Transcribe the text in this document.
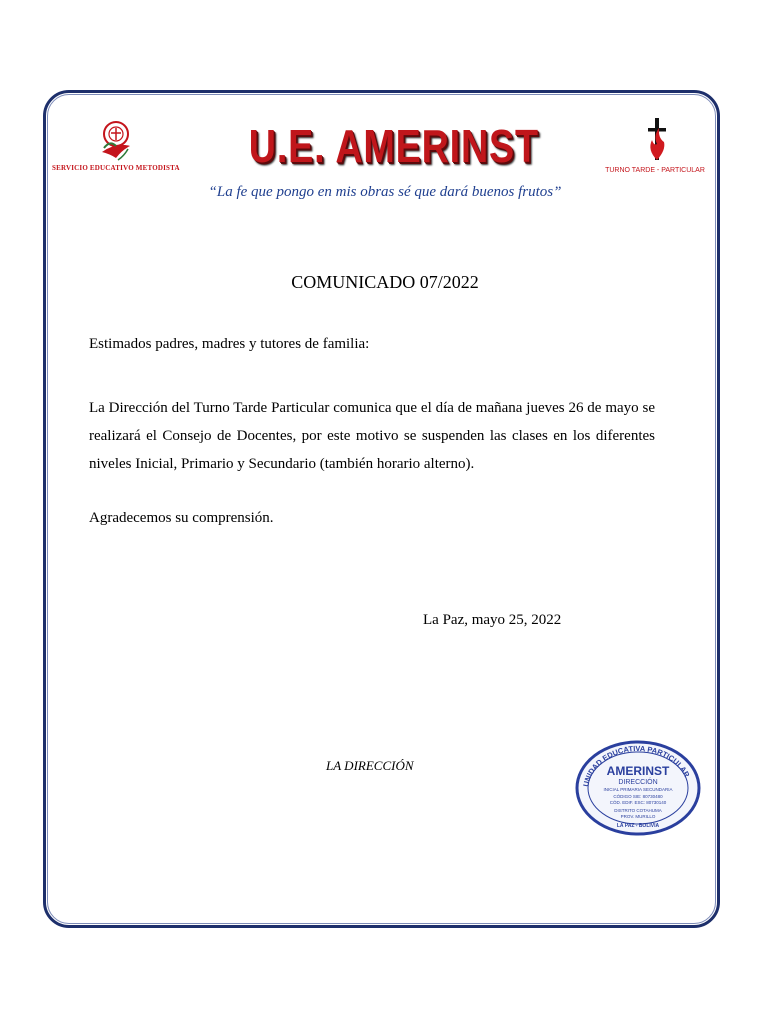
SERVICIO EDUCATIVO METODISTA U.E. AMERINST
“La fe que pongo en mis obras sé que dará buenos frutos”
TURNO TARDE - PARTICULAR
COMUNICADO 07/2022
Estimados padres, madres y tutores de familia:
La Dirección del Turno Tarde Particular comunica que el día de mañana jueves 26 de mayo se realizará el Consejo de Docentes, por este motivo se suspenden las clases en los diferentes niveles Inicial, Primario y Secundario (también horario alterno).
Agradecemos su comprensión.
La Paz, mayo 25, 2022
LA DIRECCIÓN
UNIDAD EDUCATIVA PARTICULAR
AMERINST
DIRECCIÓN
INICIAL PRIMARIA SECUNDARIA
CÓDIGO SIE: 80730480
CÓD. EDIF. ESC: 80730140
DISTRITO COTAHUMA
PROV. MURILLO
LA PAZ - BOLIVIA
